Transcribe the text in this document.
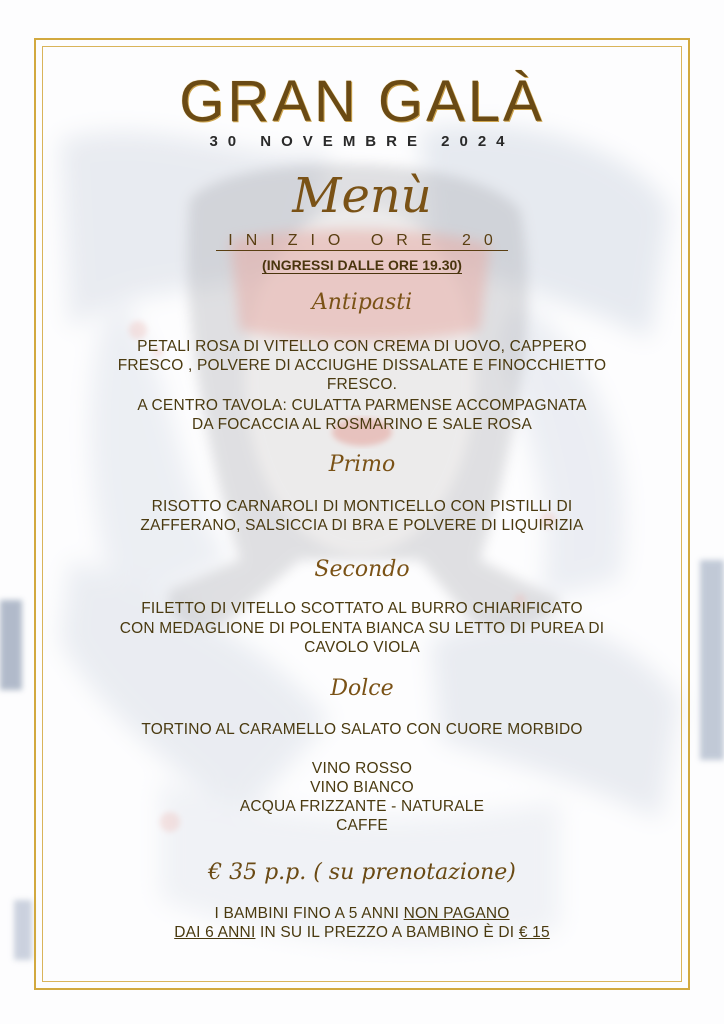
GRAN GALÀ
30 NOVEMBRE 2024
Menù
INIZIO ORE 20
(INGRESSI DALLE ORE 19.30)
Antipasti
PETALI ROSA DI VITELLO CON CREMA DI UOVO, CAPPERO
FRESCO , POLVERE DI ACCIUGHE DISSALATE E FINOCCHIETTO
FRESCO.
A CENTRO TAVOLA: CULATTA PARMENSE ACCOMPAGNATA
DA FOCACCIA AL ROSMARINO E SALE ROSA
Primo
RISOTTO CARNAROLI DI MONTICELLO CON PISTILLI DI
ZAFFERANO, SALSICCIA DI BRA E POLVERE DI LIQUIRIZIA
Secondo
FILETTO DI VITELLO SCOTTATO AL BURRO CHIARIFICATO
CON MEDAGLIONE DI POLENTA BIANCA SU LETTO DI PUREA DI
CAVOLO VIOLA
Dolce
TORTINO AL CARAMELLO SALATO CON CUORE MORBIDO
VINO ROSSO
VINO BIANCO
ACQUA FRIZZANTE - NATURALE
CAFFE
€ 35 p.p. ( su prenotazione)
I BAMBINI FINO A 5 ANNI NON PAGANO
DAI 6 ANNI IN SU IL PREZZO A BAMBINO È DI € 15
